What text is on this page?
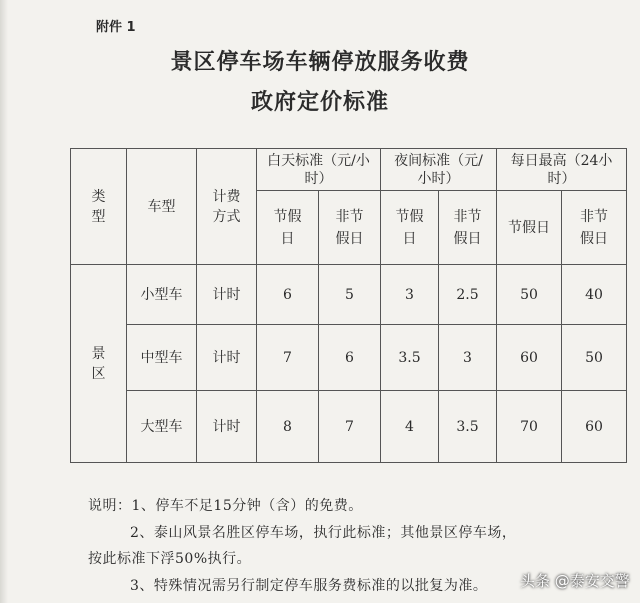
附件 1
景区停车场车辆停放服务收费
政府定价标准
类型	车型	计费方式	白天标准（元/小时）		夜间标准（元/小时）		每日最高（24小时）	
			节假日	非节假日	节假日	非节假日	节假日	非节假日
景区	小型车	计时	6	5	3	2.5	50	40
	中型车	计时	7	6	3.5	3	60	50
	大型车	计时	8	7	4	3.5	70	60
说明：1、停车不足15分钟（含）的免费。
2、泰山风景名胜区停车场，执行此标准；其他景区停车场，
按此标准下浮50%执行。
3、特殊情况需另行制定停车服务费标准的以批复为准。 头条 @泰安交警
